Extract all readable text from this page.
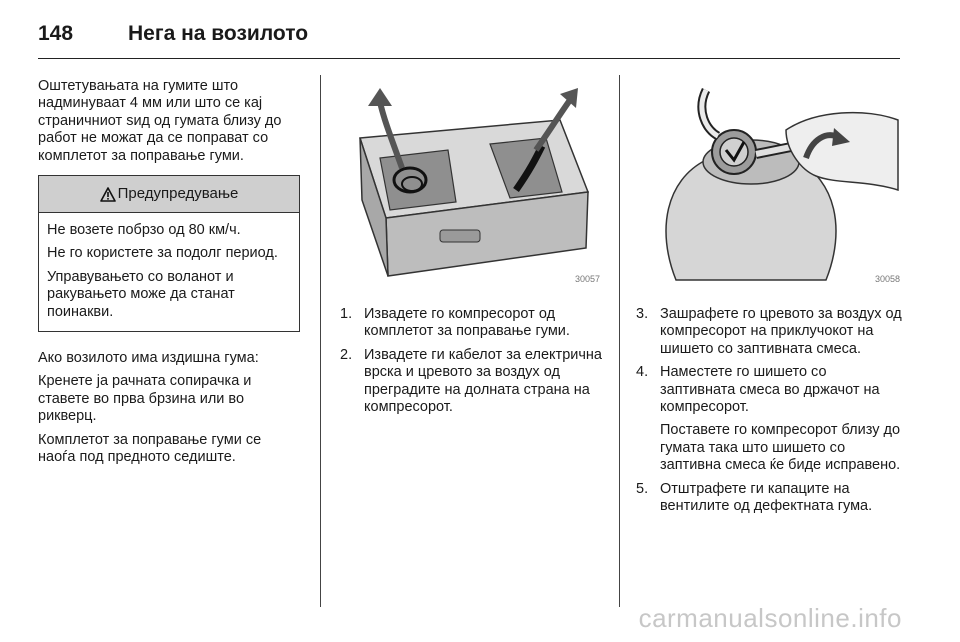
148	Нега на возилото

Оштетувањата на гумите што надминуваат 4 мм или што се кај страничниот ѕид од гумата близу до работ не можат да се поправат со комплетот за поправање гуми.

Предупредување

Не возете побрзо од 80 км/ч.

Не го користете за подолг период.

Управувањето со воланот и ракувањето може да станат поинакви.

Ако возилото има издишна гума:

Кренете ја рачната сопирачка и ставете во прва брзина или во рикверц.

Комплетот за поправање гуми се наоѓа под предното седиште.

30057
1. Извадете го компресорот од комплетот за поправање гуми.
2. Извадете ги кабелот за електрична врска и цревото за воздух од преградите на долната страна на компресорот.
30058
3. Зашрафете го цревото за воздух од компресорот на приклучокот на шишето со заптивната смеса.
4. Наместете го шишето со заптивната смеса во држачот на компресорот.
Поставете го компресорот близу до гумата така што шишето со заптивна смеса ќе биде исправено.
5. Отштрафете ги капаците на вентилите од дефектната гума.
carmanualsonline.info
